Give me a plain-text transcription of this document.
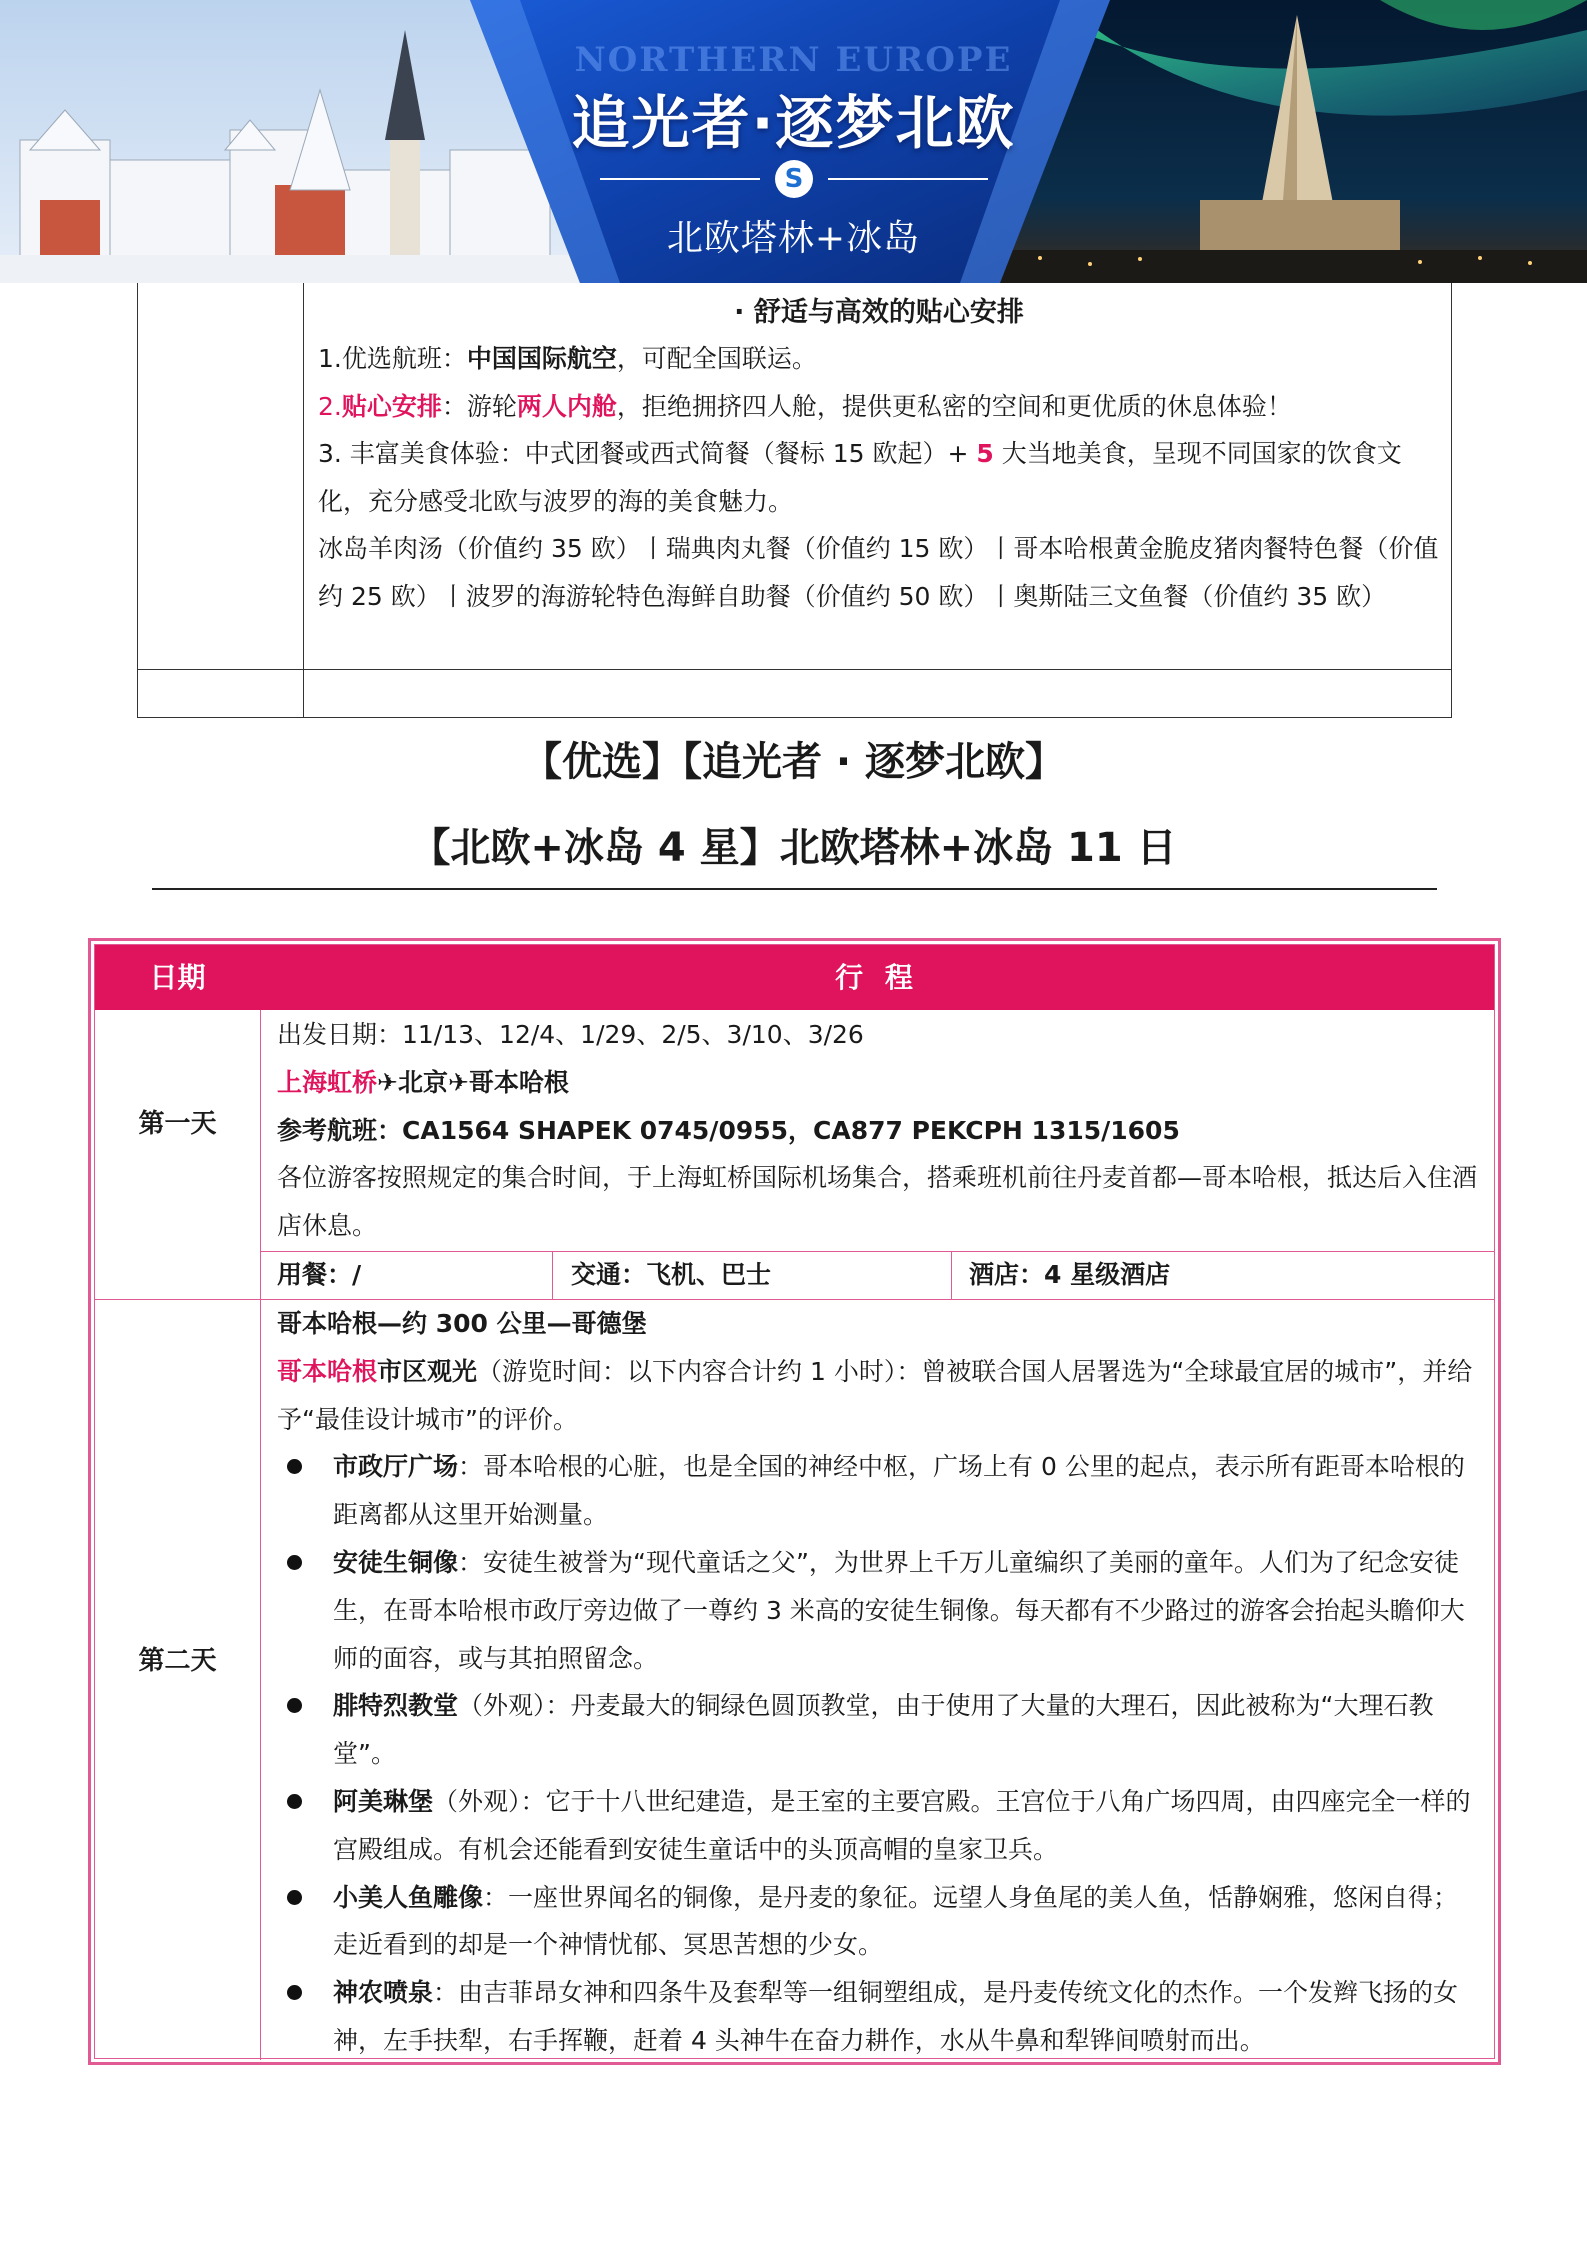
NORTHERN EUROPE
追光者·逐梦北欧
S
北欧塔林+冰岛
· 舒适与高效的贴心安排

1.优选航班：中国国际航空，可配全国联运。

2.贴心安排：游轮两人内舱，拒绝拥挤四人舱，提供更私密的空间和更优质的休息体验！

3. 丰富美食体验：中式团餐或西式简餐（餐标 15 欧起）+ 5 大当地美食，呈现不同国家的饮食文化，充分感受北欧与波罗的海的美食魅力。

冰岛羊肉汤（价值约 35 欧）丨瑞典肉丸餐（价值约 15 欧）丨哥本哈根黄金脆皮猪肉餐特色餐（价值约 25 欧）丨波罗的海游轮特色海鲜自助餐（价值约 50 欧）丨奥斯陆三文鱼餐（价值约 35 欧）

【优选】【追光者 · 逐梦北欧】
【北欧+冰岛 4 星】北欧塔林+冰岛 11 日
日期	行 程
第一天

出发日期：11/13、12/4、1/29、2/5、3/10、3/26

上海虹桥✈北京✈哥本哈根

参考航班：CA1564 SHAPEK 0745/0955，CA877 PEKCPH 1315/1605

各位游客按照规定的集合时间，于上海虹桥国际机场集合，搭乘班机前往丹麦首都—哥本哈根，抵达后入住酒店休息。

用餐：/	交通：飞机、巴士	酒店：4 星级酒店
第二天

哥本哈根—约 300 公里—哥德堡

哥本哈根市区观光（游览时间：以下内容合计约 1 小时）：曾被联合国人居署选为“全球最宜居的城市”，并给予“最佳设计城市”的评价。

市政厅广场：哥本哈根的心脏，也是全国的神经中枢，广场上有 0 公里的起点，表示所有距哥本哈根的距离都从这里开始测量。
安徒生铜像：安徒生被誉为“现代童话之父”，为世界上千万儿童编织了美丽的童年。人们为了纪念安徒生，在哥本哈根市政厅旁边做了一尊约 3 米高的安徒生铜像。每天都有不少路过的游客会抬起头瞻仰大师的面容，或与其拍照留念。
腓特烈教堂（外观）：丹麦最大的铜绿色圆顶教堂，由于使用了大量的大理石，因此被称为“大理石教堂”。
阿美琳堡（外观）：它于十八世纪建造，是王室的主要宫殿。王宫位于八角广场四周，由四座完全一样的宫殿组成。有机会还能看到安徒生童话中的头顶高帽的皇家卫兵。
小美人鱼雕像：一座世界闻名的铜像，是丹麦的象征。远望人身鱼尾的美人鱼，恬静娴雅，悠闲自得；走近看到的却是一个神情忧郁、冥思苦想的少女。
神农喷泉：由吉菲昂女神和四条牛及套犁等一组铜塑组成，是丹麦传统文化的杰作。一个发辫飞扬的女神，左手扶犁，右手挥鞭，赶着 4 头神牛在奋力耕作，水从牛鼻和犁铧间喷射而出。
